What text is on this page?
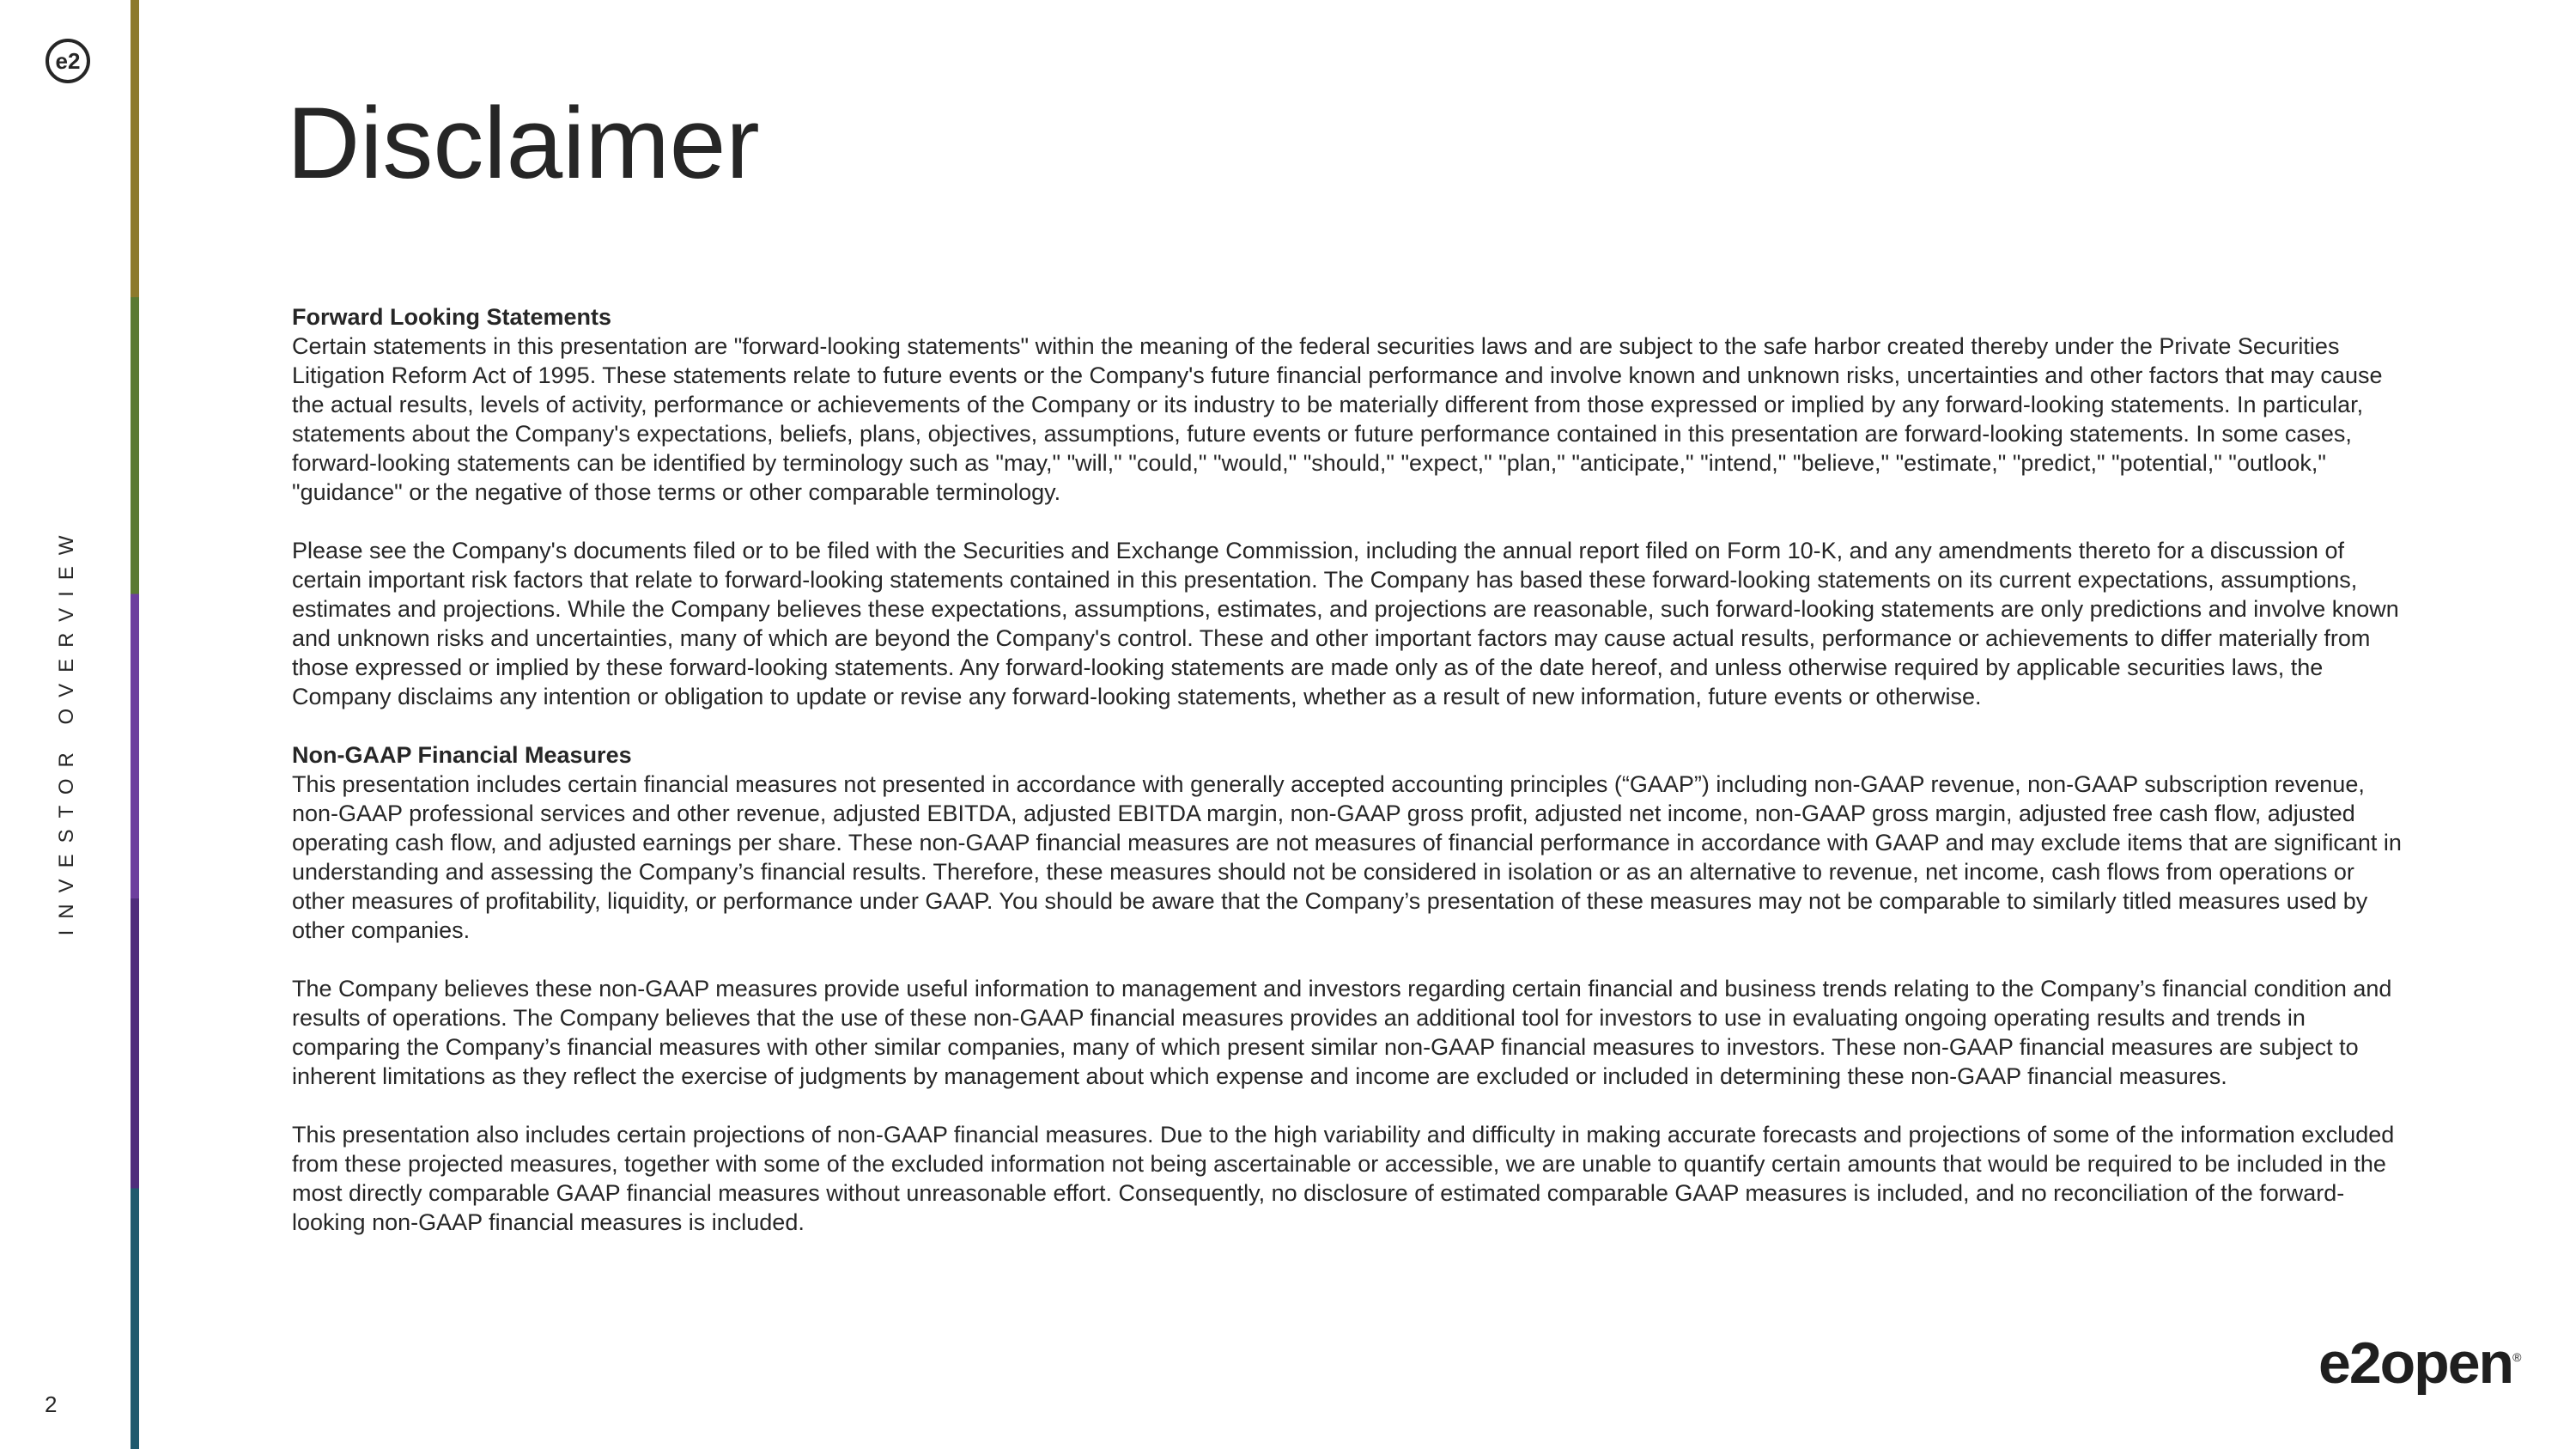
e2
INVESTOR OVERVIEW
2
Disclaimer
Forward Looking Statements

Certain statements in this presentation are "forward-looking statements" within the meaning of the federal securities laws and are subject to the safe harbor created thereby under the Private Securities Litigation Reform Act of 1995. These statements relate to future events or the Company's future financial performance and involve known and unknown risks, uncertainties and other factors that may cause the actual results, levels of activity, performance or achievements of the Company or its industry to be materially different from those expressed or implied by any forward-looking statements. In particular, statements about the Company's expectations, beliefs, plans, objectives, assumptions, future events or future performance contained in this presentation are forward-looking statements. In some cases, forward-looking statements can be identified by terminology such as "may," "will," "could," "would," "should," "expect," "plan," "anticipate," "intend," "believe," "estimate," "predict," "potential," "outlook," "guidance" or the negative of those terms or other comparable terminology.

Please see the Company's documents filed or to be filed with the Securities and Exchange Commission, including the annual report filed on Form 10-K, and any amendments thereto for a discussion of certain important risk factors that relate to forward-looking statements contained in this presentation. The Company has based these forward-looking statements on its current expectations, assumptions, estimates and projections. While the Company believes these expectations, assumptions, estimates, and projections are reasonable, such forward-looking statements are only predictions and involve known and unknown risks and uncertainties, many of which are beyond the Company's control. These and other important factors may cause actual results, performance or achievements to differ materially from those expressed or implied by these forward-looking statements. Any forward-looking statements are made only as of the date hereof, and unless otherwise required by applicable securities laws, the Company disclaims any intention or obligation to update or revise any forward-looking statements, whether as a result of new information, future events or otherwise.

Non-GAAP Financial Measures

This presentation includes certain financial measures not presented in accordance with generally accepted accounting principles (“GAAP”) including non-GAAP revenue, non-GAAP subscription revenue, non-GAAP professional services and other revenue, adjusted EBITDA, adjusted EBITDA margin, non-GAAP gross profit, adjusted net income, non-GAAP gross margin, adjusted free cash flow, adjusted operating cash flow, and adjusted earnings per share. These non-GAAP financial measures are not measures of financial performance in accordance with GAAP and may exclude items that are significant in understanding and assessing the Company’s financial results. Therefore, these measures should not be considered in isolation or as an alternative to revenue, net income, cash flows from operations or other measures of profitability, liquidity, or performance under GAAP. You should be aware that the Company’s presentation of these measures may not be comparable to similarly titled measures used by other companies.

The Company believes these non-GAAP measures provide useful information to management and investors regarding certain financial and business trends relating to the Company’s financial condition and results of operations. The Company believes that the use of these non-GAAP financial measures provides an additional tool for investors to use in evaluating ongoing operating results and trends in comparing the Company’s financial measures with other similar companies, many of which present similar non-GAAP financial measures to investors. These non-GAAP financial measures are subject to inherent limitations as they reflect the exercise of judgments by management about which expense and income are excluded or included in determining these non-GAAP financial measures.

This presentation also includes certain projections of non-GAAP financial measures. Due to the high variability and difficulty in making accurate forecasts and projections of some of the information excluded from these projected measures, together with some of the excluded information not being ascertainable or accessible, we are unable to quantify certain amounts that would be required to be included in the most directly comparable GAAP financial measures without unreasonable effort. Consequently, no disclosure of estimated comparable GAAP measures is included, and no reconciliation of the forward-looking non-GAAP financial measures is included.

e2open®
